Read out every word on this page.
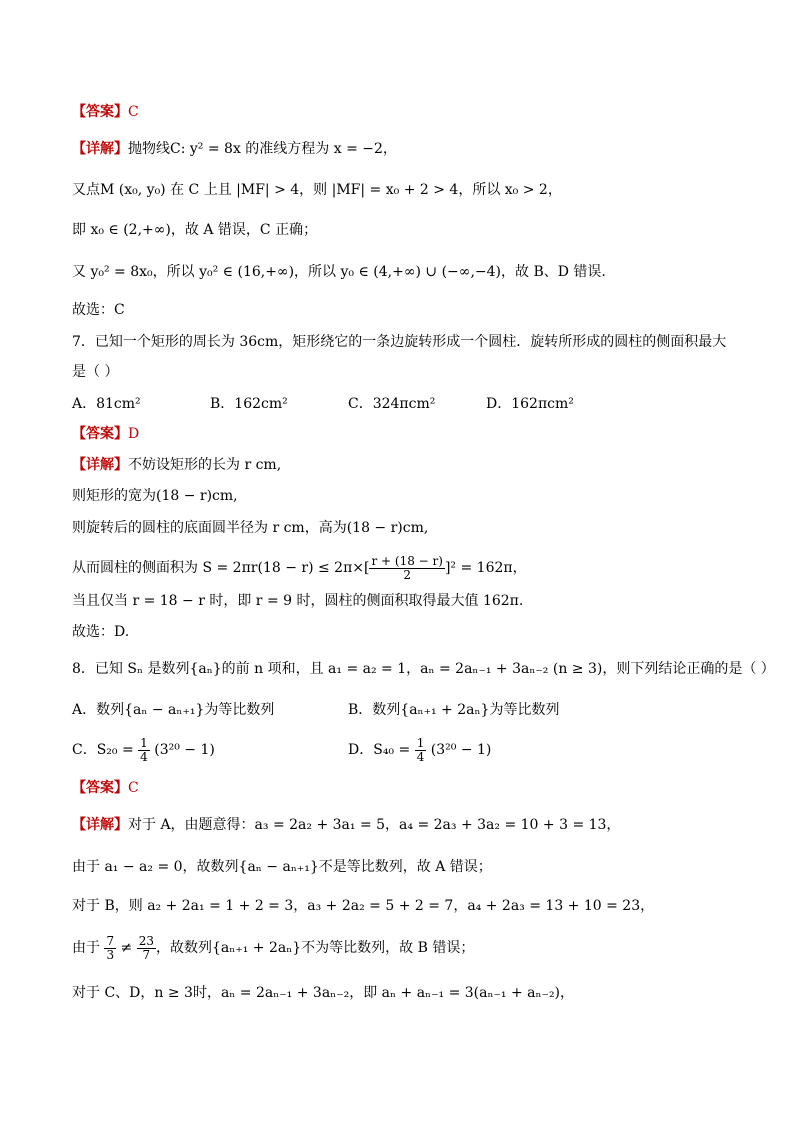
【答案】C
【详解】抛物线C: y² = 8x 的准线方程为 x = −2，
又点M (x₀, y₀) 在 C 上且 |MF| > 4，则 |MF| = x₀ + 2 > 4，所以 x₀ > 2，
即 x₀ ∈ (2,+∞)，故 A 错误，C 正确；
又 y₀² = 8x₀，所以 y₀² ∈ (16,+∞)，所以 y₀ ∈ (4,+∞) ∪ (−∞,−4)，故 B、D 错误.
故选：C
7．已知一个矩形的周长为 36cm，矩形绕它的一条边旋转形成一个圆柱．旋转所形成的圆柱的侧面积最大
是（ ）
A．81cm²	B．162cm²	C．324πcm²	D．162πcm²
【答案】D
【详解】不妨设矩形的长为 r cm,
则矩形的宽为(18 − r)cm,
则旋转后的圆柱的底面圆半径为 r cm，高为(18 − r)cm,
从而圆柱的侧面积为 $S = 2\pi r(18 - r) \le 2\pi\times[ \frac{r + (18 - r)}{2} ]^2 = 162\pi$，
当且仅当 r = 18 − r 时，即 r = 9 时，圆柱的侧面积取得最大值 162π.
故选：D.
8．已知 Sₙ 是数列{aₙ}的前 n 项和，且 a₁ = a₂ = 1，aₙ = 2aₙ₋₁ + 3aₙ₋₂ (n ≥ 3)，则下列结论正确的是（ ）
A．数列{aₙ − aₙ₊₁}为等比数列	B．数列{aₙ₊₁ + 2aₙ}为等比数列
C．$S_{20} = \frac{1}{4} (3^{20} - 1)$	D．$S_{40} = \frac{1}{4} (3^{20} - 1)$
【答案】C
【详解】对于 A，由题意得：a₃ = 2a₂ + 3a₁ = 5，a₄ = 2a₃ + 3a₂ = 10 + 3 = 13，
由于 a₁ − a₂ = 0，故数列{aₙ − aₙ₊₁}不是等比数列，故 A 错误；
对于 B，则 a₂ + 2a₁ = 1 + 2 = 3，a₃ + 2a₂ = 5 + 2 = 7，a₄ + 2a₃ = 13 + 10 = 23，
由于 $\frac{7}{3} \ne \frac{23}{7}$ ，故数列{aₙ₊₁ + 2aₙ}不为等比数列，故 B 错误；
对于 C、D，n ≥ 3时，aₙ = 2aₙ₋₁ + 3aₙ₋₂，即 aₙ + aₙ₋₁ = 3(aₙ₋₁ + aₙ₋₂)，
